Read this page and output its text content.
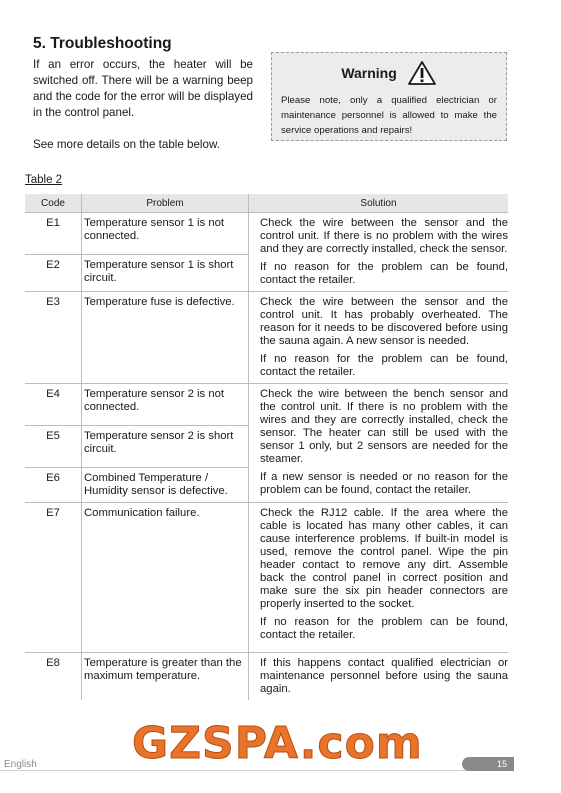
5. Troubleshooting

If an error occurs, the heater will be switched off. There will be a warning beep and the code for the error will be displayed in the control panel.

See more details on the table below.

Warning
Please note, only a qualified electrician or maintenance personnel is allowed to make the service operations and repairs!
Table 2
Code	Problem	Solution
E1	Temperature sensor 1 is not connected.	Check the wire between the sensor and the control unit. If there is no problem with the wires and they are correctly installed, check the sensor.

If no reason for the problem can be found, contact the retailer.

E2	Temperature sensor 1 is short circuit.	
E3	Temperature fuse is defective.	Check the wire between the sensor and the control unit. It has probably overheated. The reason for it needs to be discovered before using the sauna again. A new sensor is needed.

If no reason for the problem can be found, contact the retailer.

E4	Temperature sensor 2 is not connected.	Check the wire between the bench sensor and the control unit. If there is no problem with the wires and they are correctly installed, check the sensor. The heater can still be used with the sensor 1 only, but 2 sensors are needed for the steamer.

If a new sensor is needed or no reason for the problem can be found, contact the retailer.

E5	Temperature sensor 2 is short circuit.	
E6	Combined Temperature / Humidity sensor is defective.	
E7	Communication failure.	Check the RJ12 cable. If the area where the cable is located has many other cables, it can cause interference problems. If built-in model is used, remove the control panel. Wipe the pin header contact to remove any dirt. Assemble back the control panel in correct position and make sure the six pin header connectors are properly inserted to the socket.

If no reason for the problem can be found, contact the retailer.

E8	Temperature is greater than the maximum temperature.	If this happens contact qualified electrician or maintenance personnel before using the sauna again.

GZSPA.com
English	15
